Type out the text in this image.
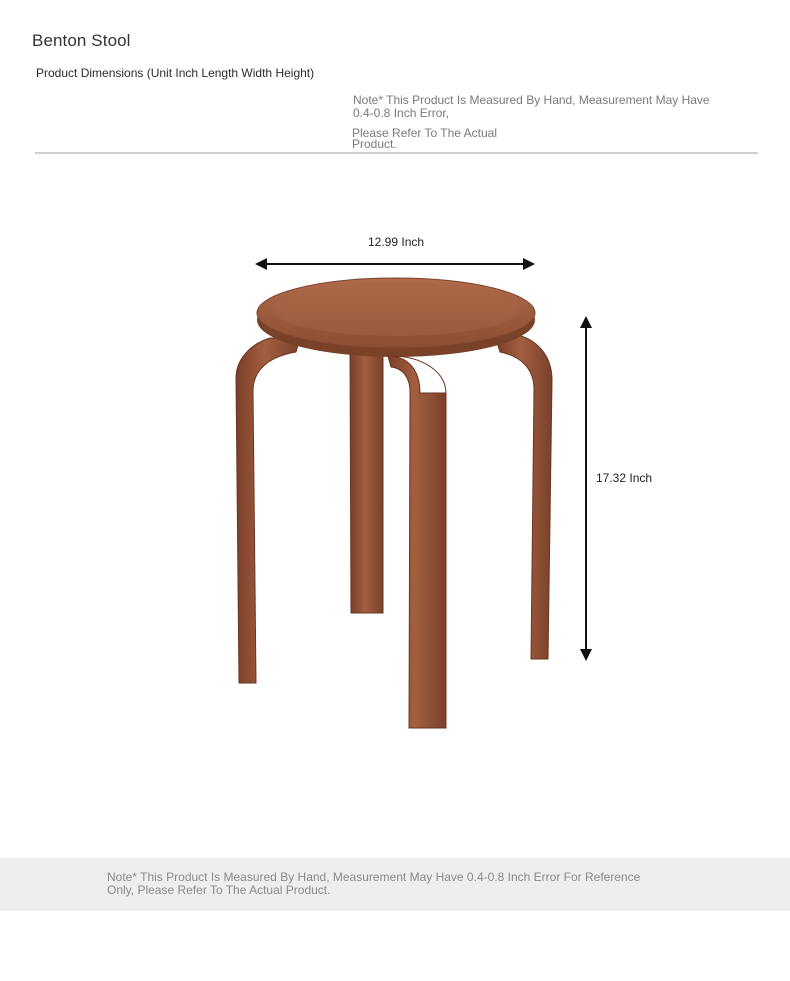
Benton Stool
Product Dimensions (Unit Inch Length Width Height)
Note* This Product Is Measured By Hand, Measurement May Have 0.4-0.8 Inch Error,
Please Refer To The Actual Product.
12.99 Inch
17.32 Inch
Note* This Product Is Measured By Hand, Measurement May Have 0.4-0.8 Inch Error For Reference Only, Please Refer To The Actual Product.
